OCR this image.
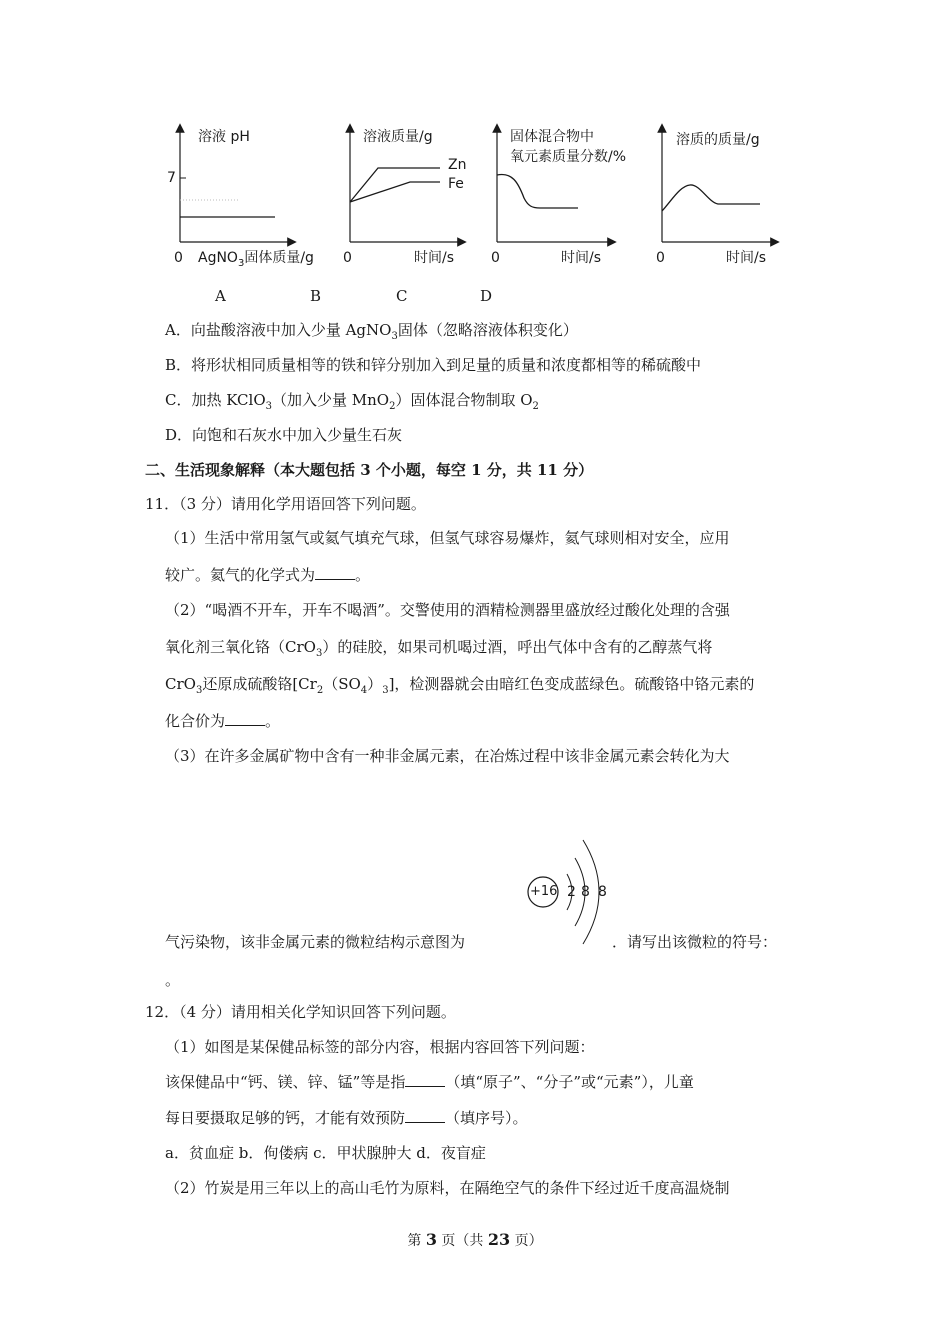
溶液 pH
7
0 AgNO$_3$固体质量/g
溶液质量/g
Zn
Fe
0	时间/s
固体混合物中
氧元素质量分数/%
0	时间/s
溶质的质量/g
0	时间/s
A	B	C	D
A．向盐酸溶液中加入少量 AgNO$_3$固体（忽略溶液体积变化）
B．将形状相同质量相等的铁和锌分别加入到足量的质量和浓度都相等的稀硫酸中
C．加热 KClO$_3$（加入少量 MnO$_2$）固体混合物制取 $O_2$
D．向饱和石灰水中加入少量生石灰
二、生活现象解释（本大题包括 3 个小题，每空 1 分，共 11 分）
11．（3 分）请用化学用语回答下列问题。
（1）生活中常用氢气或氦气填充气球，但氢气球容易爆炸，氦气球则相对安全，应用
较广。氦气的化学式为	。
（2）“喝酒不开车，开车不喝酒”。交警使用的酒精检测器里盛放经过酸化处理的含强
氧化剂三氧化铬（CrO$_3$）的硅胶，如果司机喝过酒，呼出气体中含有的乙醇蒸气将
CrO$_3$还原成硫酸铬$[Cr_2(SO_4)_3]$，检测器就会由暗红色变成蓝绿色。硫酸铬中铬元素的
化合价为	。
（3）在许多金属矿物中含有一种非金属元素，在冶炼过程中该非金属元素会转化为大
+16 2 8 8
气污染物，该非金属元素的微粒结构示意图为	．请写出该微粒的符号：
。
12．（4 分）请用相关化学知识回答下列问题。
（1）如图是某保健品标签的部分内容，根据内容回答下列问题：
该保健品中“钙、镁、锌、锰”等是指	（填“原子”、“分子”或“元素”），儿童
每日要摄取足够的钙，才能有效预防	（填序号）。
a．贫血症 b．佝偻病 c．甲状腺肿大 d．夜盲症
（2）竹炭是用三年以上的高山毛竹为原料，在隔绝空气的条件下经过近千度高温烧制
第 3 页（共 23 页）
